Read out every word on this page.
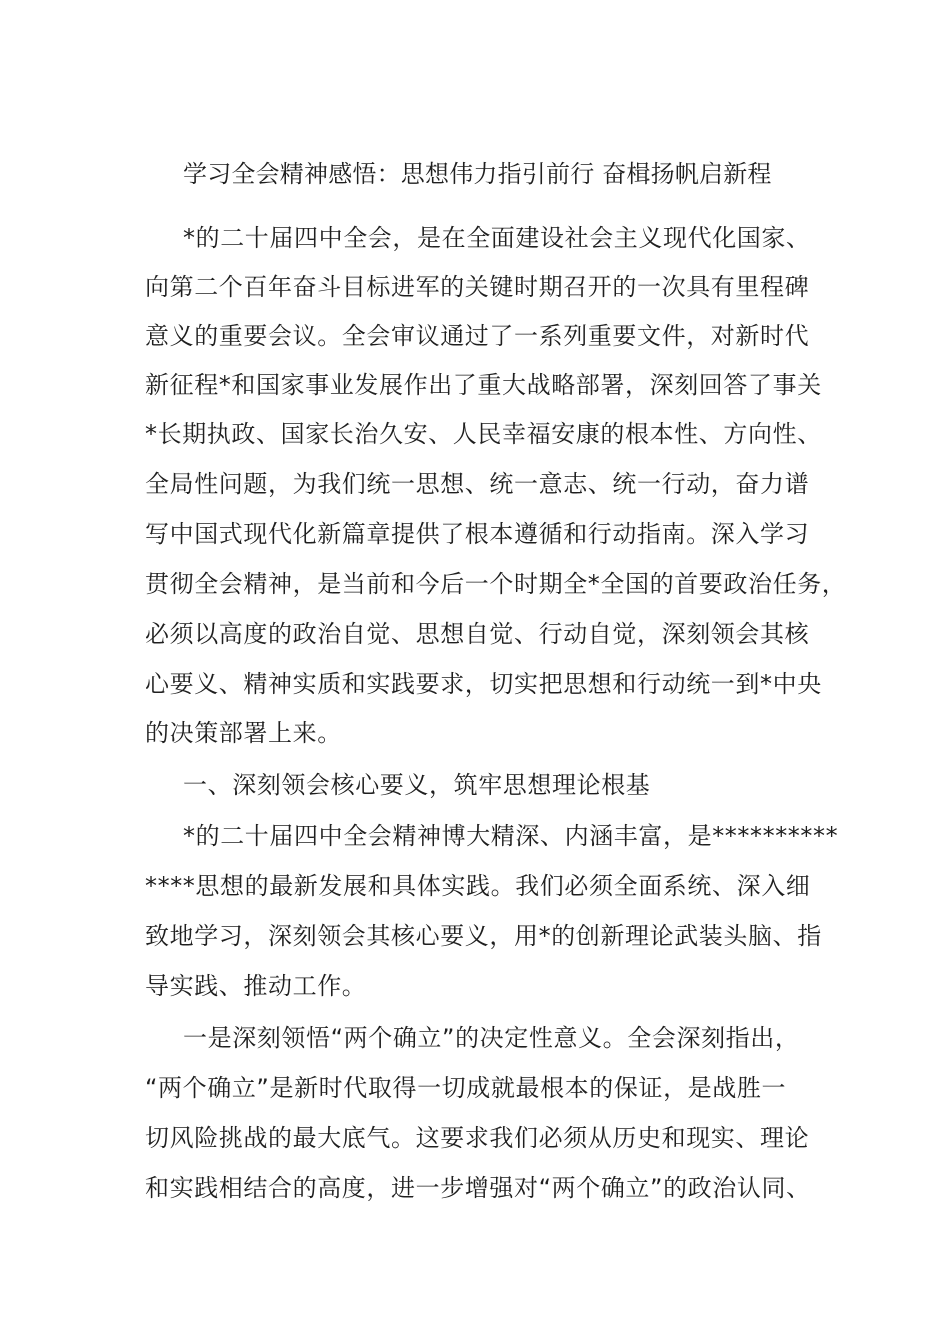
学习全会精神感悟：思想伟力指引前行 奋楫扬帆启新程
*的二十届四中全会，是在全面建设社会主义现代化国家、
向第二个百年奋斗目标进军的关键时期召开的一次具有里程碑
意义的重要会议。全会审议通过了一系列重要文件，对新时代
新征程*和国家事业发展作出了重大战略部署，深刻回答了事关
*长期执政、国家长治久安、人民幸福安康的根本性、方向性、
全局性问题，为我们统一思想、统一意志、统一行动，奋力谱
写中国式现代化新篇章提供了根本遵循和行动指南。深入学习
贯彻全会精神，是当前和今后一个时期全*全国的首要政治任务，
必须以高度的政治自觉、思想自觉、行动自觉，深刻领会其核
心要义、精神实质和实践要求，切实把思想和行动统一到*中央
的决策部署上来。
一、深刻领会核心要义，筑牢思想理论根基
*的二十届四中全会精神博大精深、内涵丰富，是**********
****思想的最新发展和具体实践。我们必须全面系统、深入细
致地学习，深刻领会其核心要义，用*的创新理论武装头脑、指
导实践、推动工作。
一是深刻领悟“两个确立”的决定性意义。全会深刻指出，
“两个确立”是新时代取得一切成就最根本的保证，是战胜一
切风险挑战的最大底气。这要求我们必须从历史和现实、理论
和实践相结合的高度，进一步增强对“两个确立”的政治认同、
